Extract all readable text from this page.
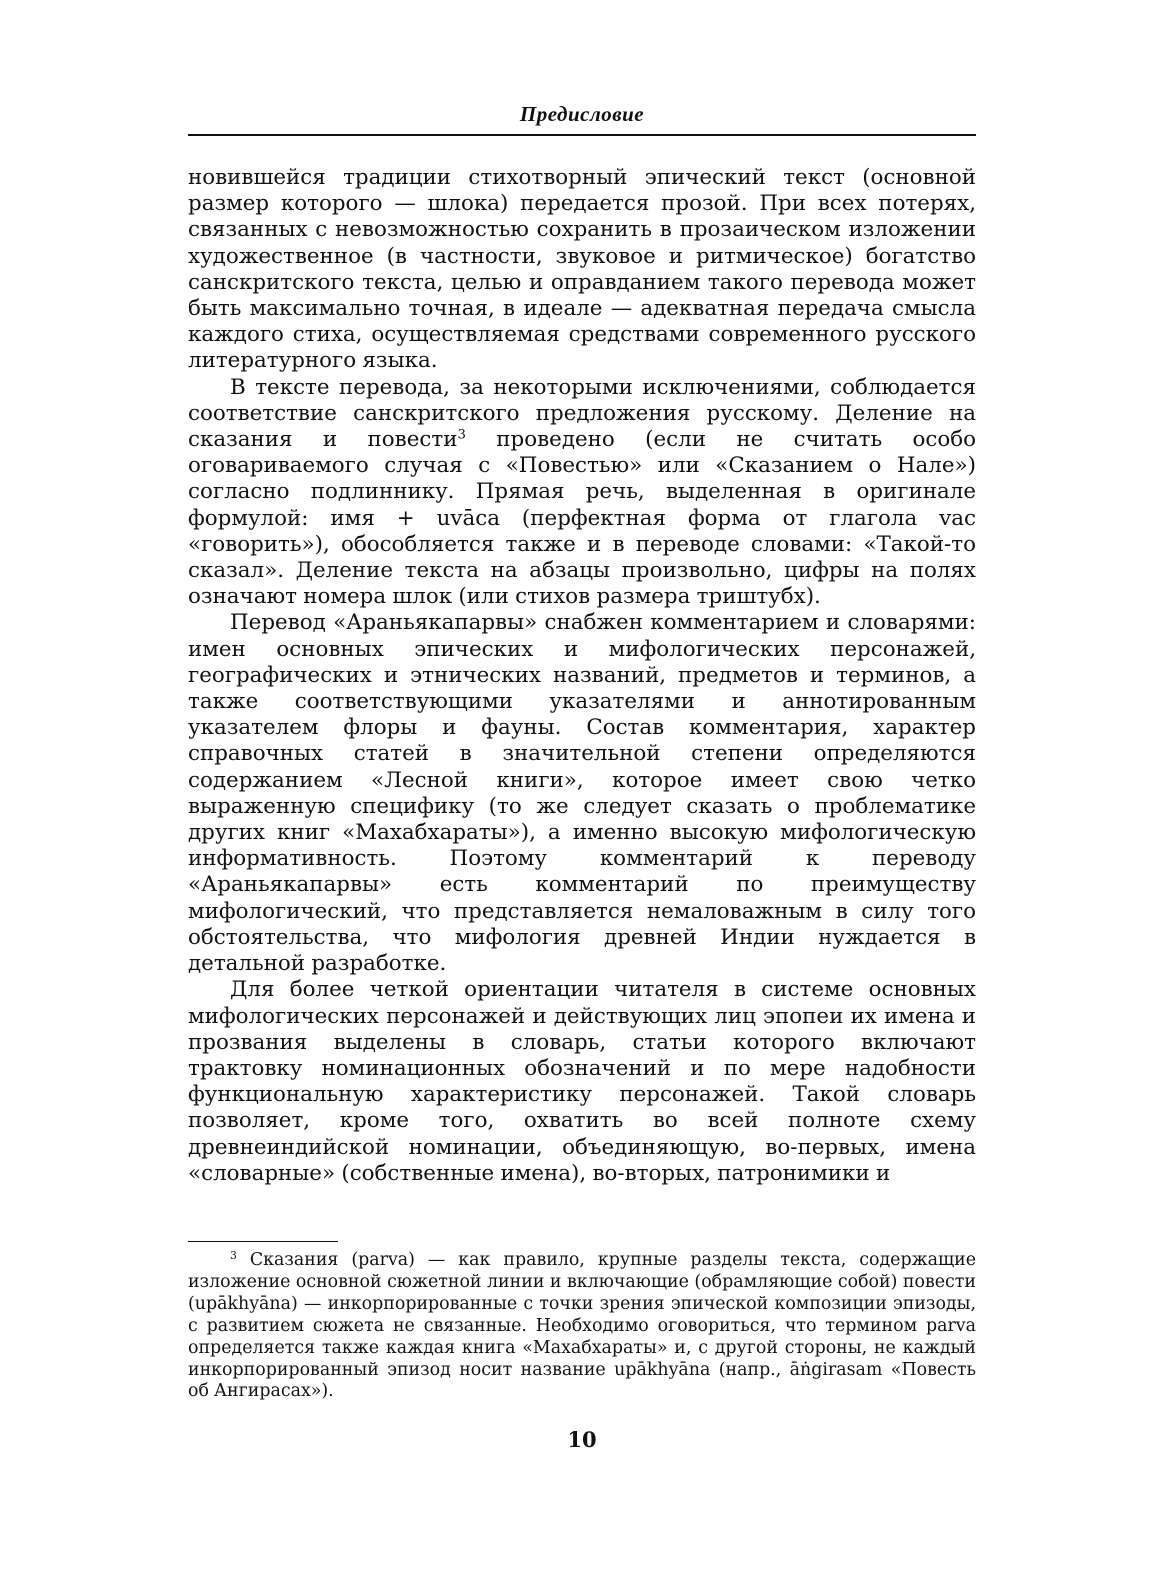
Предисловие

новившейся традиции стихотворный эпический текст (основной размер которого — шлока) передается прозой. При всех потерях, связанных с невозможностью сохранить в прозаическом изложении художественное (в частности, звуковое и ритмическое) богатство санскритского текста, целью и оправданием такого перевода может быть максимально точная, в идеале — адекватная передача смысла каждого стиха, осуществляемая средствами современного русского литературного языка.

В тексте перевода, за некоторыми исключениями, соблюдается соответствие санскритского предложения русскому. Деление на сказания и повести$^3$ проведено (если не считать особо оговариваемого случая с «Повестью» или «Сказанием о Нале») согласно подлиннику. Прямая речь, выделенная в оригинале формулой: имя + uvāca (перфектная форма от глагола vac «говорить»), обособляется также и в переводе словами: «Такой-то сказал». Деление текста на абзацы произвольно, цифры на полях означают номера шлок (или стихов размера триштубх).

Перевод «Араньякапарвы» снабжен комментарием и словарями: имен основных эпических и мифологических персонажей, географических и этнических названий, предметов и терминов, а также соответствующими указателями и аннотированным указателем флоры и фауны. Состав комментария, характер справочных статей в значительной степени определяются содержанием «Лесной книги», которое имеет свою четко выраженную специфику (то же следует сказать о проблематике других книг «Махабхараты»), а именно высокую мифологическую информативность. Поэтому комментарий к переводу «Араньякапарвы» есть комментарий по преимуществу мифологический, что представляется немаловажным в силу того обстоятельства, что мифология древней Индии нуждается в детальной разработке.

Для более четкой ориентации читателя в системе основных мифологических персонажей и действующих лиц эпопеи их имена и прозвания выделены в словарь, статьи которого включают трактовку номинационных обозначений и по мере надобности функциональную характеристику персонажей. Такой словарь позволяет, кроме того, охватить во всей полноте схему древнеиндийской номинации, объединяющую, во-первых, имена «словарные» (собственные имена), во-вторых, патронимики и

$^3$ Сказания (parva) — как правило, крупные разделы текста, содержащие изложение основной сюжетной линии и включающие (обрамляющие собой) повести (upākhyāna) — инкорпорированные с точки зрения эпической композиции эпизоды, с развитием сюжета не связанные. Необходимо оговориться, что термином parva определяется также каждая книга «Махабхараты» и, с другой стороны, не каждый инкорпорированный эпизод носит название upākhyāna (напр., āṅgirasam «Повесть об Ангирасах»).
10
